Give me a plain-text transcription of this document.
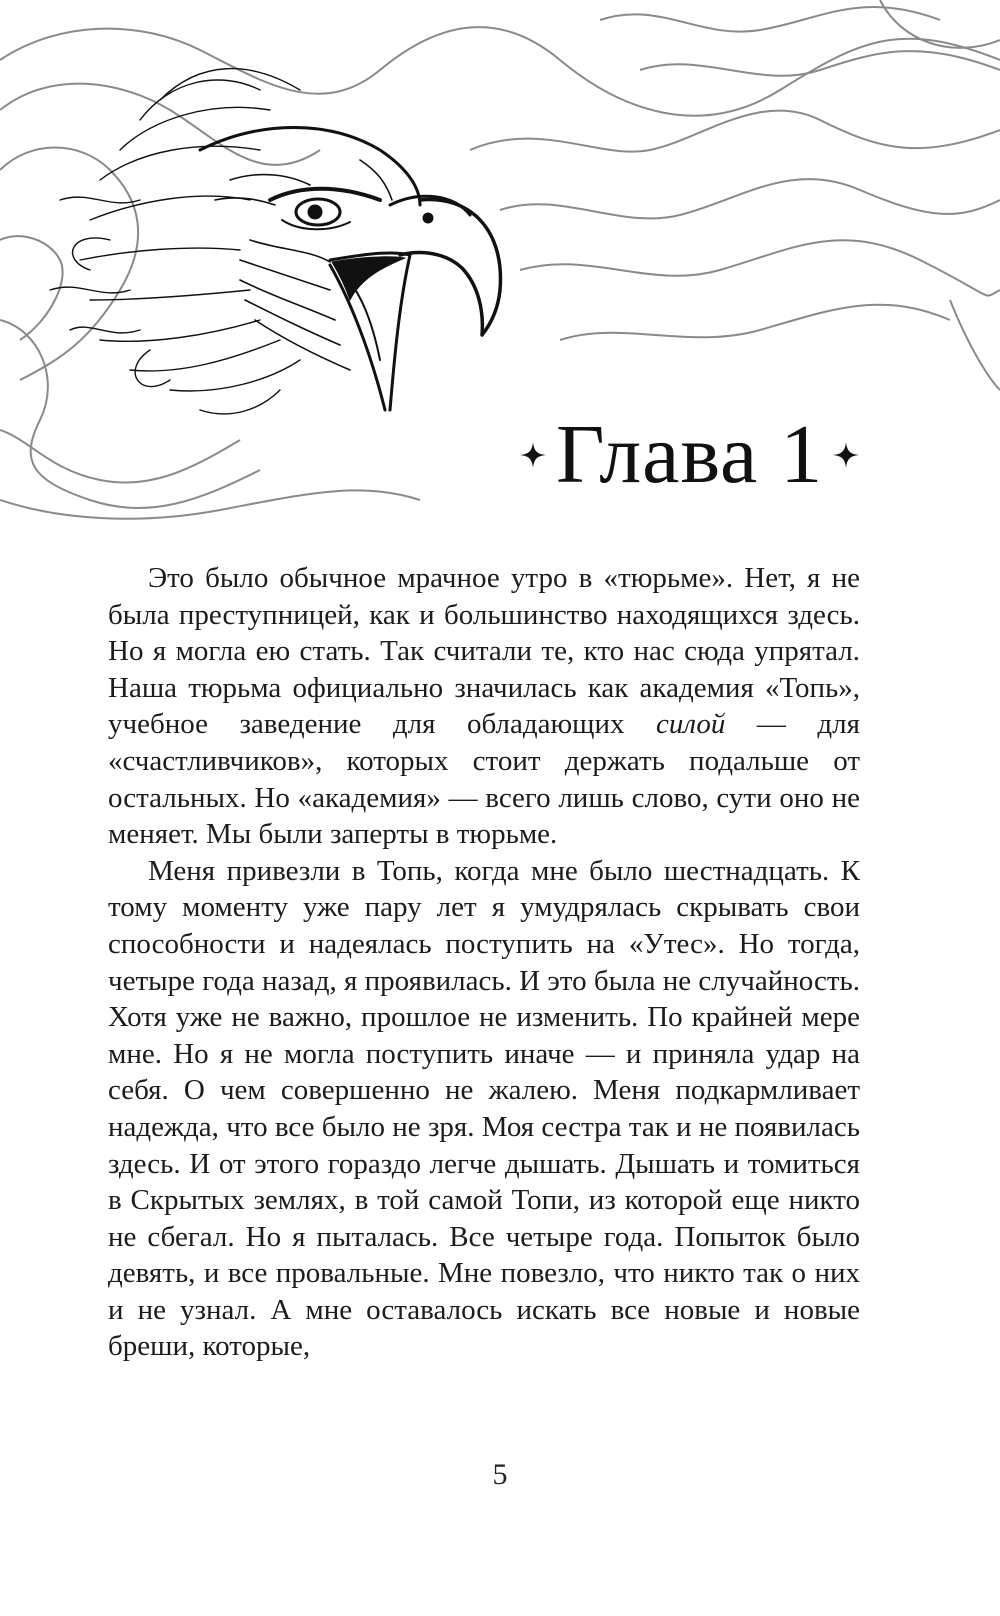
Глава 1

Это было обычное мрачное утро в «тюрьме». Нет, я не была преступницей, как и большинство находящихся здесь. Но я могла ею стать. Так считали те, кто нас сюда упрятал. Наша тюрьма официально значилась как академия «Топь», учебное заведение для обладающих силой — для «счастливчиков», которых стоит держать подальше от остальных. Но «академия» — всего лишь слово, сути оно не меняет. Мы были заперты в тюрьме.

Меня привезли в Топь, когда мне было шестнадцать. К тому моменту уже пару лет я умудрялась скрывать свои способности и надеялась поступить на «Утес». Но тогда, четыре года назад, я проявилась. И это была не случайность. Хотя уже не важно, прошлое не изменить. По крайней мере мне. Но я не могла поступить иначе — и приняла удар на себя. О чем совершенно не жалею. Меня подкармливает надежда, что все было не зря. Моя сестра так и не появилась здесь. И от этого гораздо легче дышать. Дышать и томиться в Скрытых землях, в той самой Топи, из которой еще никто не сбегал. Но я пыталась. Все четыре года. Попыток было девять, и все провальные. Мне повезло, что никто так о них и не узнал. А мне оставалось искать все новые и новые бреши, которые,

5
